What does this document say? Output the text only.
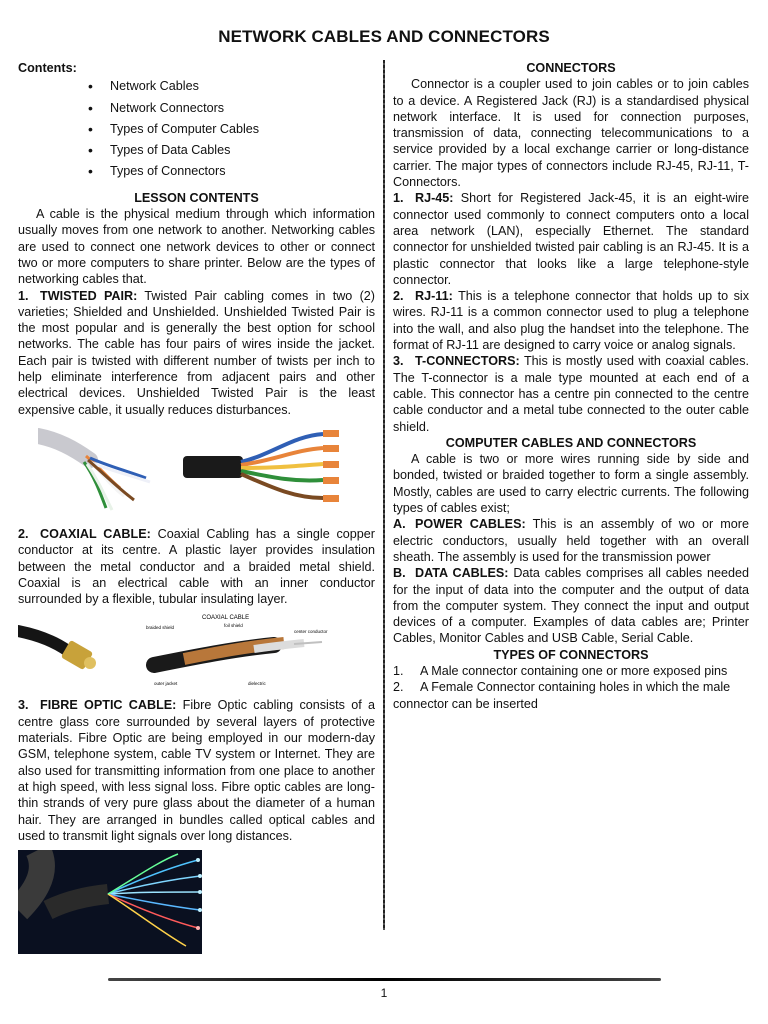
NETWORK CABLES AND CONNECTORS
Contents:
• Network Cables
• Network Connectors
• Types of Computer Cables
• Types of Data Cables
• Types of Connectors
LESSON CONTENTS

A cable is the physical medium through which information usually moves from one network to another. Networking cables are used to connect one network devices to other or connect two or more computers to share printer. Below are the types of networking cables that.

1. TWISTED PAIR: Twisted Pair cabling comes in two (2) varieties; Shielded and Unshielded. Unshielded Twisted Pair is the most popular and is generally the best option for school networks. The cable has four pairs of wires inside the jacket. Each pair is twisted with different number of twists per inch to help eliminate interference from adjacent pairs and other electrical devices. Unshielded Twisted Pair is the least expensive cable, it usually reduces disturbances.

2. COAXIAL CABLE: Coaxial Cabling has a single copper conductor at its centre. A plastic layer provides insulation between the metal conductor and a braided metal shield. Coaxial is an electrical cable with an inner conductor surrounded by a flexible, tubular insulating layer.

COAXIAL CABLE
braided shield	foil shield
center conductor
outer jacket	dielectric

3. FIBRE OPTIC CABLE: Fibre Optic cabling consists of a centre glass core surrounded by several layers of protective materials. Fibre Optic are being employed in our modern-day GSM, telephone system, cable TV system or Internet. They are also used for transmitting information from one place to another at high speed, with less signal loss. Fibre optic cables are long-thin strands of very pure glass about the diameter of a human hair. They are arranged in bundles called optical cables and used to transmit light signals over long distances.

CONNECTORS

Connector is a coupler used to join cables or to join cables to a device. A Registered Jack (RJ) is a standardised physical network interface. It is used for connection purposes, transmission of data, connecting telecommunications to a service provided by a local exchange carrier or long-distance carrier. The major types of connectors include RJ-45, RJ-11, T-Connectors.

1. RJ-45: Short for Registered Jack-45, it is an eight-wire connector used commonly to connect computers onto a local area network (LAN), especially Ethernet. The standard connector for unshielded twisted pair cabling is an RJ-45. It is a plastic connector that looks like a large telephone-style connector.

2. RJ-11: This is a telephone connector that holds up to six wires. RJ-11 is a common connector used to plug a telephone into the wall, and also plug the handset into the telephone. The format of RJ-11 are designed to carry voice or analog signals.

3. T-CONNECTORS: This is mostly used with coaxial cables. The T-connector is a male type mounted at each end of a cable. This connector has a centre pin connected to the centre cable conductor and a metal tube connected to the outer cable shield.

COMPUTER CABLES AND CONNECTORS

A cable is two or more wires running side by side and bonded, twisted or braided together to form a single assembly. Mostly, cables are used to carry electric currents. The following types of cables exist;

A. POWER CABLES: This is an assembly of wo or more electric conductors, usually held together with an overall sheath. The assembly is used for the transmission power

B. DATA CABLES: Data cables comprises all cables needed for the input of data into the computer and the output of data from the computer system. They connect the input and output devices of a computer. Examples of data cables are; Printer Cables, Monitor Cables and USB Cable, Serial Cable.

TYPES OF CONNECTORS

1. A Male connector containing one or more exposed pins

2. A Female Connector containing holes in which the male connector can be inserted

1
